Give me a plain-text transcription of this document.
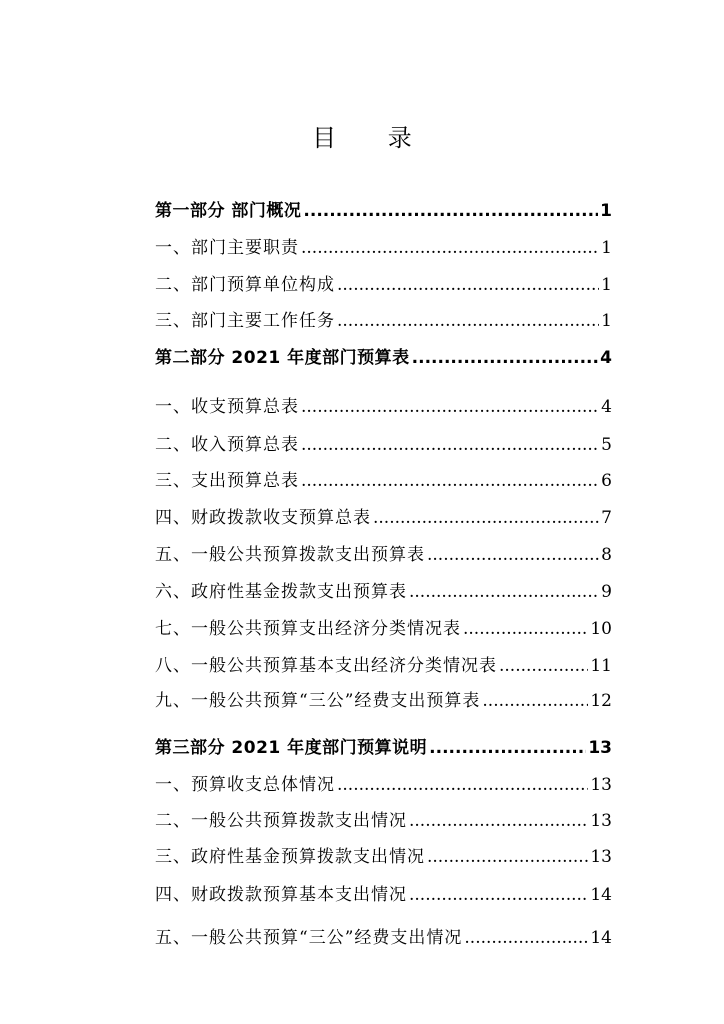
目 录
第一部分 部门概况 .....	1
一、部门主要职责 .....	1
二、部门预算单位构成 .....	1
三、部门主要工作任务 .....	1
第二部分 2021 年度部门预算表 .....	4
一、收支预算总表 .....	4
二、收入预算总表 .....	5
三、支出预算总表 .....	6
四、财政拨款收支预算总表 .....	7
五、一般公共预算拨款支出预算表 .....	8
六、政府性基金拨款支出预算表 .....	9
七、一般公共预算支出经济分类情况表 .....	10
八、一般公共预算基本支出经济分类情况表 .....	11
九、一般公共预算“三公”经费支出预算表 .....	12
第三部分 2021 年度部门预算说明 .....	13
一、预算收支总体情况 .....	13
二、一般公共预算拨款支出情况 .....	13
三、政府性基金预算拨款支出情况 .....	13
四、财政拨款预算基本支出情况 .....	14
五、一般公共预算“三公”经费支出情况 .....	14
